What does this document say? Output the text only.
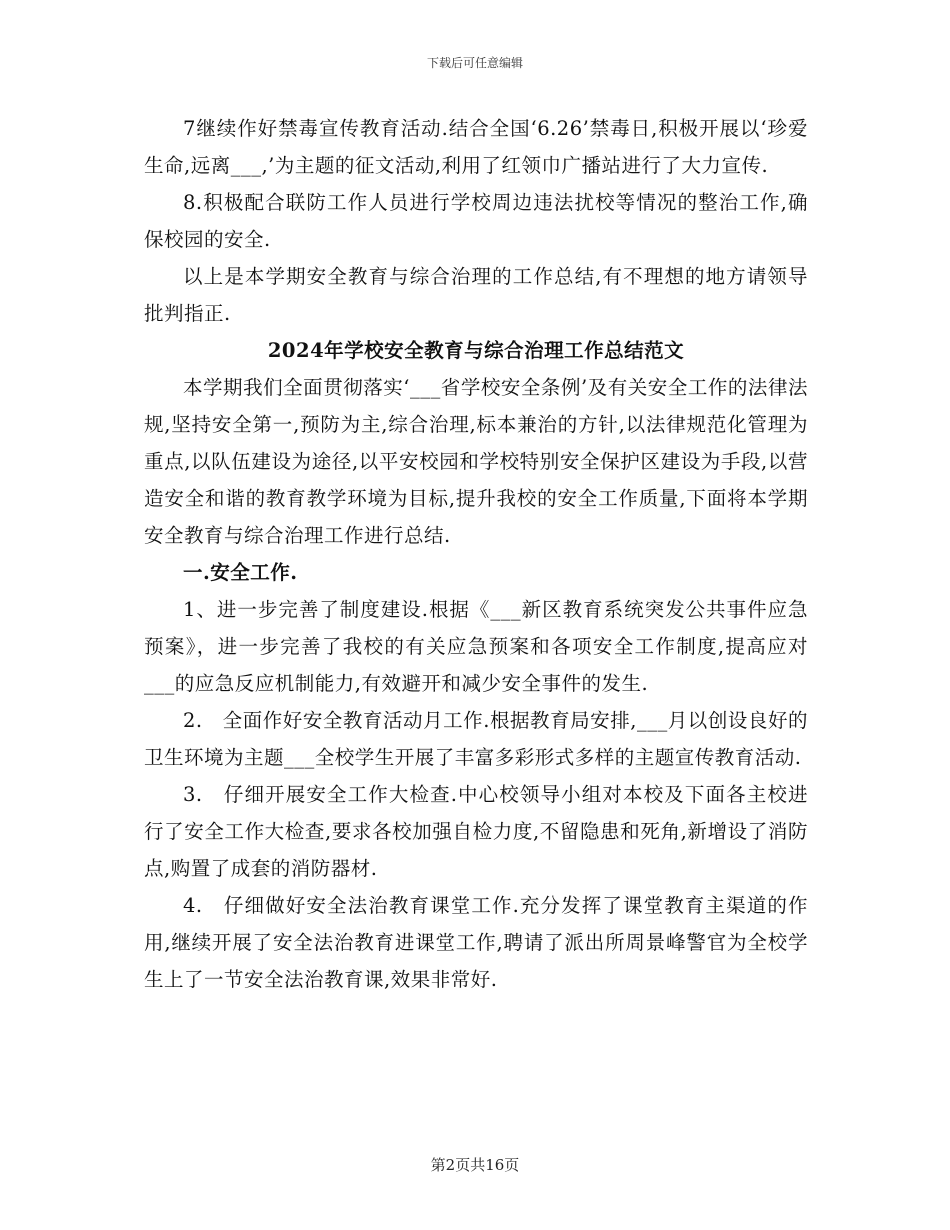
下载后可任意编辑

7继续作好禁毒宣传教育活动.结合全国‘6.26’禁毒日,积极开展以‘珍爱生命,远离___,’为主题的征文活动,利用了红领巾广播站进行了大力宣传.

8.积极配合联防工作人员进行学校周边违法扰校等情况的整治工作,确保校园的安全.

以上是本学期安全教育与综合治理的工作总结,有不理想的地方请领导批判指正.

2024年学校安全教育与综合治理工作总结范文

本学期我们全面贯彻落实‘___省学校安全条例’及有关安全工作的法律法规,坚持安全第一,预防为主,综合治理,标本兼治的方针,以法律规范化管理为重点,以队伍建设为途径,以平安校园和学校特别安全保护区建设为手段,以营造安全和谐的教育教学环境为目标,提升我校的安全工作质量,下面将本学期安全教育与综合治理工作进行总结.

一.安全工作.

1、进一步完善了制度建设.根据《___新区教育系统突发公共事件应急预案》，进一步完善了我校的有关应急预案和各项安全工作制度,提高应对___的应急反应机制能力,有效避开和减少安全事件的发生.

2.　全面作好安全教育活动月工作.根据教育局安排,___月以创设良好的卫生环境为主题___全校学生开展了丰富多彩形式多样的主题宣传教育活动.

3.　仔细开展安全工作大检查.中心校领导小组对本校及下面各主校进行了安全工作大检查,要求各校加强自检力度,不留隐患和死角,新增设了消防点,购置了成套的消防器材.

4.　仔细做好安全法治教育课堂工作.充分发挥了课堂教育主渠道的作用,继续开展了安全法治教育进课堂工作,聘请了派出所周景峰警官为全校学生上了一节安全法治教育课,效果非常好.

第2页共16页
